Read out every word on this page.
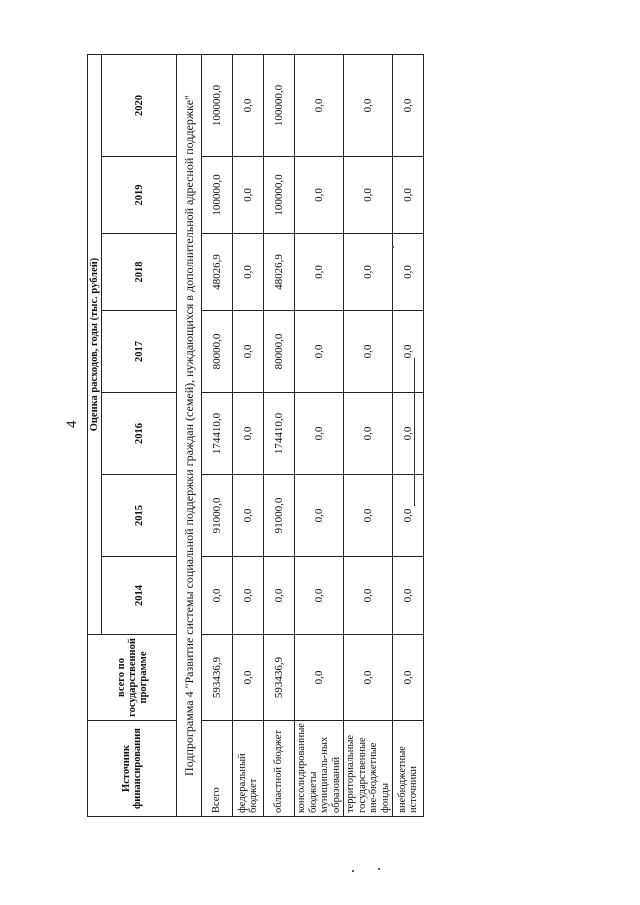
4
Источник финансирования	всего по государственной программе	Оценка расходов, годы (тыс. рублей)						
		2014	2015	2016	2017	2018	2019	2020
Подпрограмма 4 "Развитие системы социальной поддержки граждан (семей), нуждающихся в дополнительной адресной поддержке"								
Всего	593436,9	0,0	91000,0	174410,0	80000,0	48026,9	100000,0	100000,0
федеральный бюджет	0,0	0,0	0,0	0,0	0,0	0,0	0,0	0,0
областной бюджет	593436,9	0,0	91000,0	174410,0	80000,0	48026,9	100000,0	100000,0
консолидированные бюджеты муниципаль-ных образований	0,0	0,0	0,0	0,0	0,0	0,0	0,0	0,0
территориальные государственные вне-бюджетные фонды	0,0	0,0	0,0	0,0	0,0	0,0	0,0	0,0
внебюджетные источники	0,0	0,0	0,0	0,0	0,0	0,0	0,0	0,0
